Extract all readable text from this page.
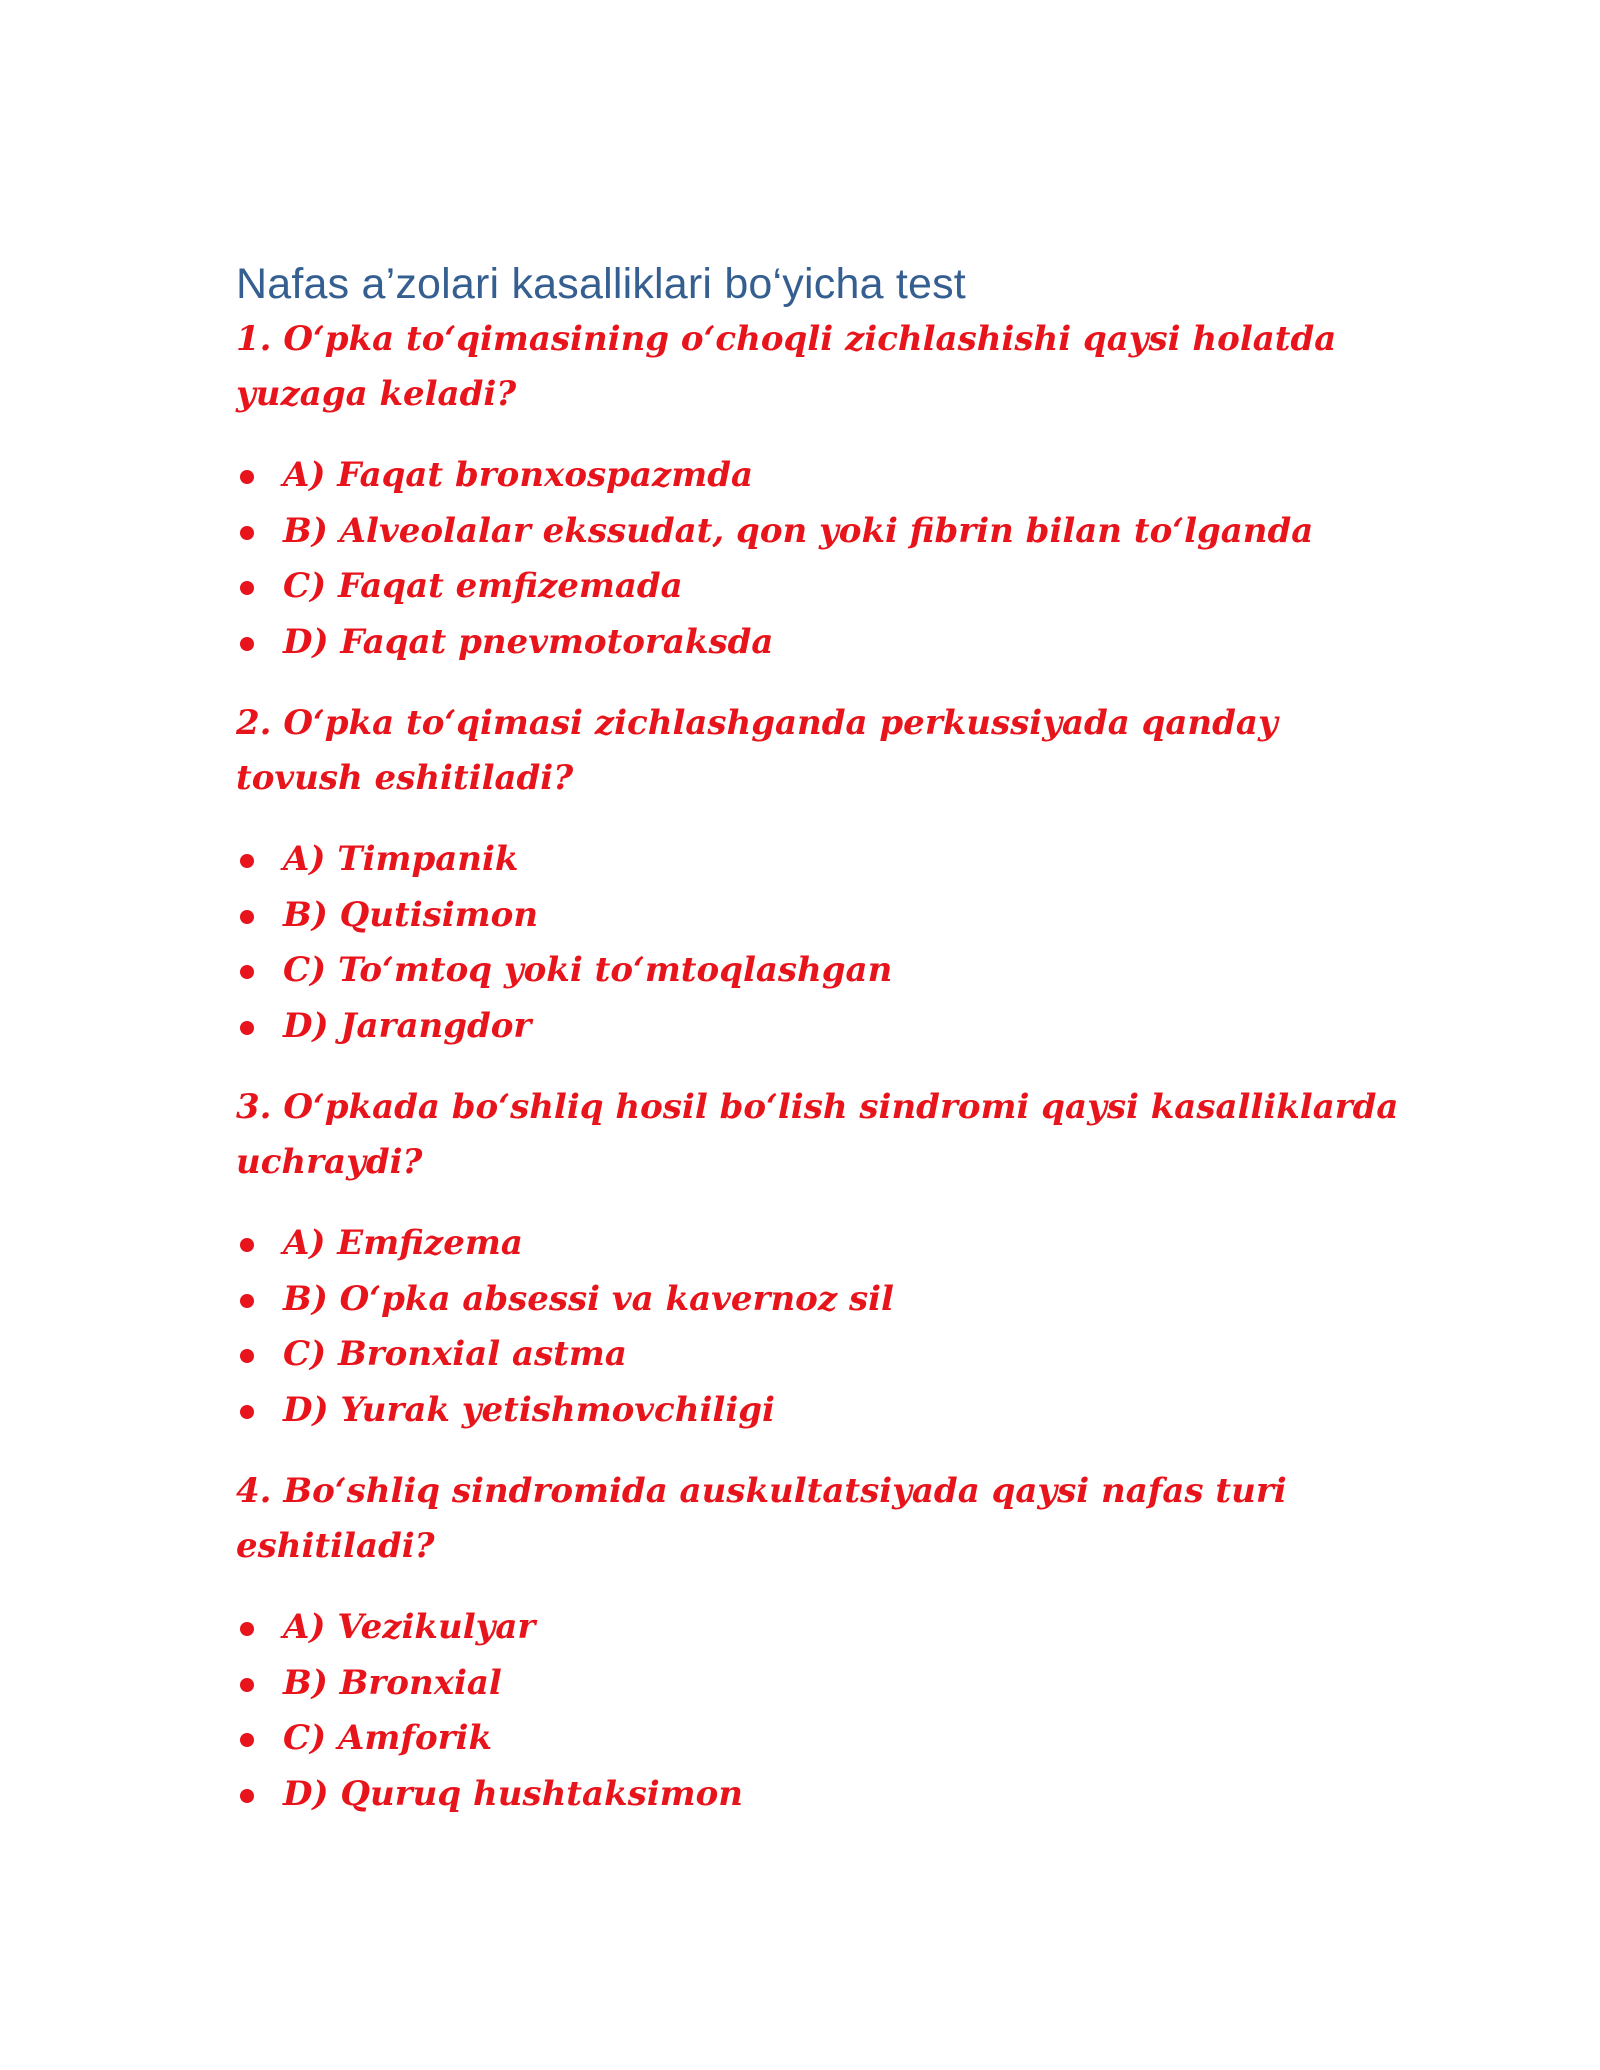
Nafas a’zolari kasalliklari bo‘yicha test

1. O‘pka to‘qimasining o‘choqli zichlashishi qaysi holatda yuzaga keladi?

A) Faqat bronxospazmda
B) Alveolalar ekssudat, qon yoki fibrin bilan to‘lganda
C) Faqat emfizemada
D) Faqat pnevmotoraksda

2. O‘pka to‘qimasi zichlashganda perkussiyada qanday tovush eshitiladi?

A) Timpanik
B) Qutisimon
C) To‘mtoq yoki to‘mtoqlashgan
D) Jarangdor

3. O‘pkada bo‘shliq hosil bo‘lish sindromi qaysi kasalliklarda uchraydi?

A) Emfizema
B) O‘pka absessi va kavernoz sil
C) Bronxial astma
D) Yurak yetishmovchiligi

4. Bo‘shliq sindromida auskultatsiyada qaysi nafas turi eshitiladi?

A) Vezikulyar
B) Bronxial
C) Amforik
D) Quruq hushtaksimon
